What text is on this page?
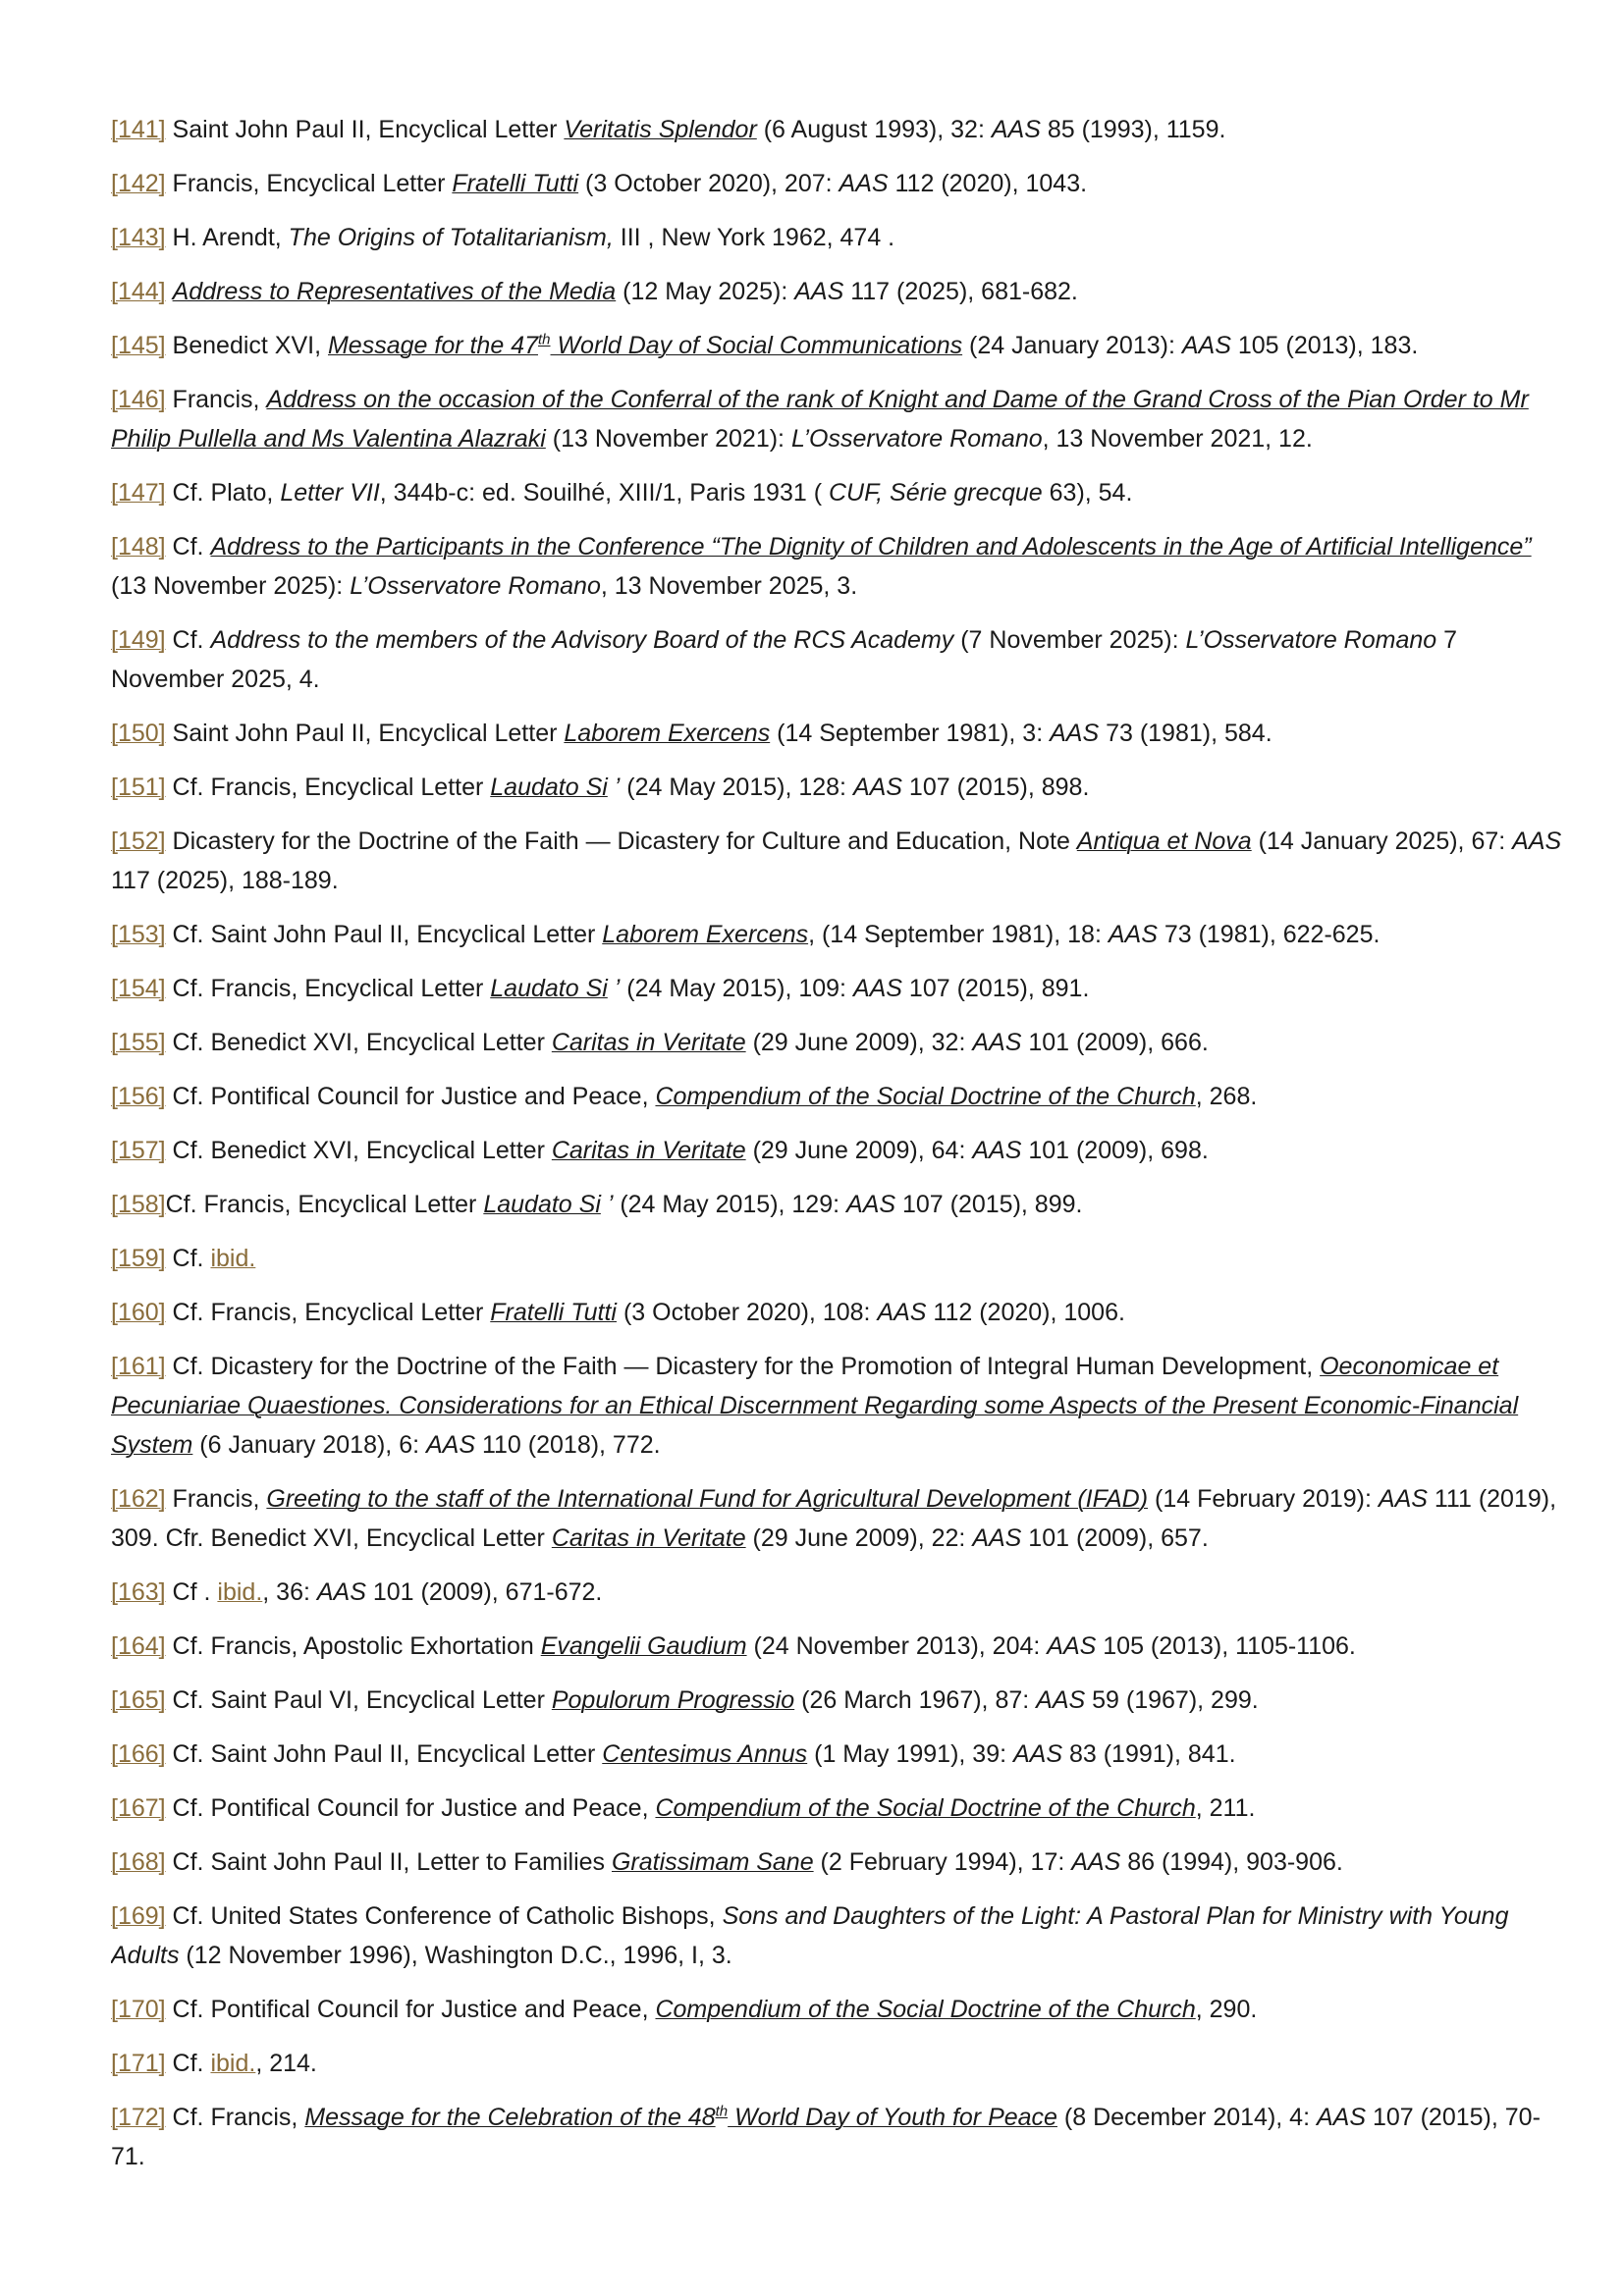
[141] Saint John Paul II, Encyclical Letter Veritatis Splendor (6 August 1993), 32: AAS 85 (1993), 1159.

[142] Francis, Encyclical Letter Fratelli Tutti (3 October 2020), 207: AAS 112 (2020), 1043.

[143] H. Arendt, The Origins of Totalitarianism, III , New York 1962, 474 .

[144] Address to Representatives of the Media (12 May 2025): AAS 117 (2025), 681-682.

[145] Benedict XVI, Message for the 47th World Day of Social Communications (24 January 2013): AAS 105 (2013), 183.

[146] Francis, Address on the occasion of the Conferral of the rank of Knight and Dame of the Grand Cross of the Pian Order to Mr Philip Pullella and Ms Valentina Alazraki (13 November 2021): L’Osservatore Romano, 13 November 2021, 12.

[147] Cf. Plato, Letter VII, 344b-c: ed. Souilhé, XIII/1, Paris 1931 ( CUF, Série grecque 63), 54.

[148] Cf. Address to the Participants in the Conference “The Dignity of Children and Adolescents in the Age of Artificial Intelligence” (13 November 2025): L’Osservatore Romano, 13 November 2025, 3.

[149] Cf. Address to the members of the Advisory Board of the RCS Academy (7 November 2025): L’Osservatore Romano 7 November 2025, 4.

[150] Saint John Paul II, Encyclical Letter Laborem Exercens (14 September 1981), 3: AAS 73 (1981), 584.

[151] Cf. Francis, Encyclical Letter Laudato Si ’ (24 May 2015), 128: AAS 107 (2015), 898.

[152] Dicastery for the Doctrine of the Faith — Dicastery for Culture and Education, Note Antiqua et Nova (14 January 2025), 67: AAS 117 (2025), 188-189.

[153] Cf. Saint John Paul II, Encyclical Letter Laborem Exercens, (14 September 1981), 18: AAS 73 (1981), 622-625.

[154] Cf. Francis, Encyclical Letter Laudato Si ’ (24 May 2015), 109: AAS 107 (2015), 891.

[155] Cf. Benedict XVI, Encyclical Letter Caritas in Veritate (29 June 2009), 32: AAS 101 (2009), 666.

[156] Cf. Pontifical Council for Justice and Peace, Compendium of the Social Doctrine of the Church, 268.

[157] Cf. Benedict XVI, Encyclical Letter Caritas in Veritate (29 June 2009), 64: AAS 101 (2009), 698.

[158]Cf. Francis, Encyclical Letter Laudato Si ’ (24 May 2015), 129: AAS 107 (2015), 899.

[159] Cf. ibid.

[160] Cf. Francis, Encyclical Letter Fratelli Tutti (3 October 2020), 108: AAS 112 (2020), 1006.

[161] Cf. Dicastery for the Doctrine of the Faith — Dicastery for the Promotion of Integral Human Development, Oeconomicae et Pecuniariae Quaestiones. Considerations for an Ethical Discernment Regarding some Aspects of the Present Economic-Financial System (6 January 2018), 6: AAS 110 (2018), 772.

[162] Francis, Greeting to the staff of the International Fund for Agricultural Development (IFAD) (14 February 2019): AAS 111 (2019), 309. Cfr. Benedict XVI, Encyclical Letter Caritas in Veritate (29 June 2009), 22: AAS 101 (2009), 657.

[163] Cf . ibid., 36: AAS 101 (2009), 671-672.

[164] Cf. Francis, Apostolic Exhortation Evangelii Gaudium (24 November 2013), 204: AAS 105 (2013), 1105-1106.

[165] Cf. Saint Paul VI, Encyclical Letter Populorum Progressio (26 March 1967), 87: AAS 59 (1967), 299.

[166] Cf. Saint John Paul II, Encyclical Letter Centesimus Annus (1 May 1991), 39: AAS 83 (1991), 841.

[167] Cf. Pontifical Council for Justice and Peace, Compendium of the Social Doctrine of the Church, 211.

[168] Cf. Saint John Paul II, Letter to Families Gratissimam Sane (2 February 1994), 17: AAS 86 (1994), 903-906.

[169] Cf. United States Conference of Catholic Bishops, Sons and Daughters of the Light: A Pastoral Plan for Ministry with Young Adults (12 November 1996), Washington D.C., 1996, I, 3.

[170] Cf. Pontifical Council for Justice and Peace, Compendium of the Social Doctrine of the Church, 290.

[171] Cf. ibid., 214.

[172] Cf. Francis, Message for the Celebration of the 48th World Day of Youth for Peace (8 December 2014), 4: AAS 107 (2015), 70-71.
